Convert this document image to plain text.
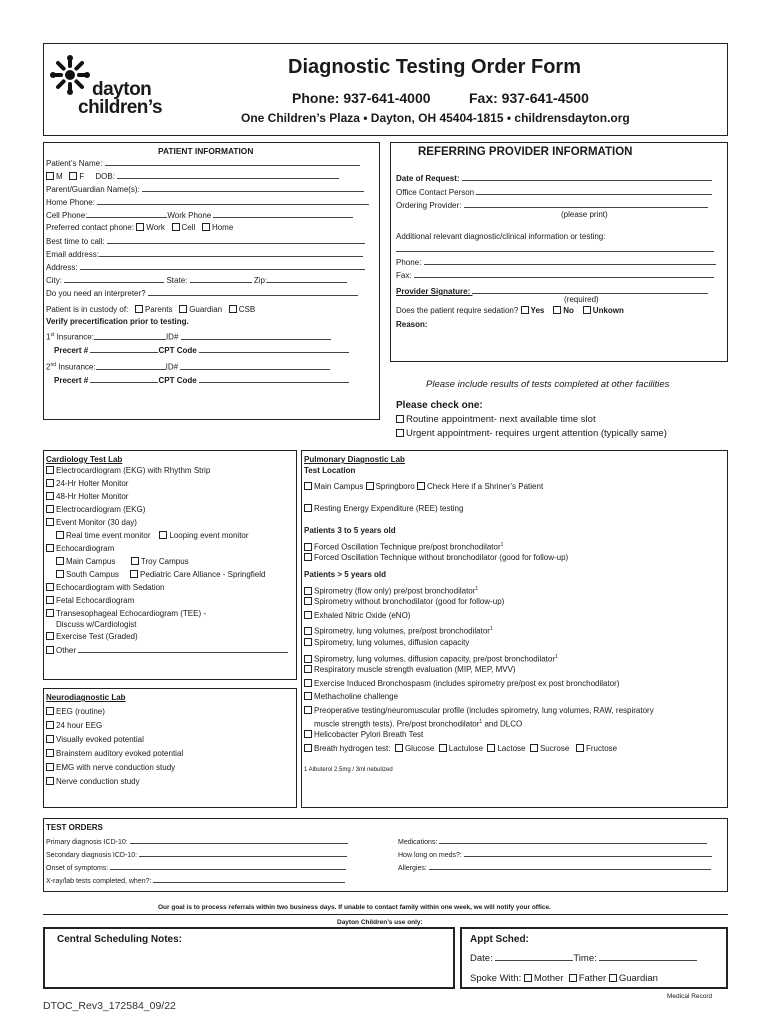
dayton
children’s
Diagnostic Testing Order Form
Phone: 937-641-4000	Fax: 937-641-4500
One Children’s Plaza • Dayton, OH 45404-1815 • childrensdayton.org
PATIENT INFORMATION
Patient’s Name:
M F DOB:
Parent/Guardian Name(s):
Home Phone:
Cell Phone:	Work Phone
Preferred contact phone: Work Cell Home
Best time to call:
Email address:
Address:
City:	State:	Zip:
Do you need an interpreter?
Patient is in custody of: Parents Guardian CSB
Verify precertification prior to testing.
1st Insurance:	ID#
Precert #	CPT Code
2nd Insurance:	ID#
Precert #	CPT Code
REFERRING PROVIDER INFORMATION
Date of Request:
Office Contact Person
Ordering Provider:
(please print)
Additional relevant diagnostic/clinical information or testing:
Phone:
Fax:
Provider Signature:
(required)
Does the patient require sedation? Yes No Unkown
Reason:
Please include results of tests completed at other facilities
Please check one:
Routine appointment- next available time slot
Urgent appointment- requires urgent attention (typically same)
Cardiology Test Lab
Electrocardiogram (EKG) with Rhythm Strip
24-Hr Holter Monitor
48-Hr Holter Monitor
Electrocardiogram (EKG)
Event Monitor (30 day)
Real time event monitor Looping event monitor
Echocardiogram
Main Campus	Troy Campus
South Campus	Pediatric Care Alliance - Springfield
Echocardiogram with Sedation
Fetal Echocardiogram
Transesophageal Echocardiogram (TEE) -
Discuss w/Cardiologist
Exercise Test (Graded)
Other
Neurodiagnostic Lab
EEG (routine)
24 hour EEG
Visually evoked potential
Brainstem auditory evoked potential
EMG with nerve conduction study
Nerve conduction study
Pulmonary Diagnostic Lab
Test Location
Main Campus Springboro Check Here if a Shriner’s Patient
Resting Energy Expenditure (REE) testing
Patients 3 to 5 years old
Forced Oscillation Technique pre/post bronchodilator$^1$
Forced Oscillation Technique without bronchodilator (good for follow-up)
Patients > 5 years old
Spirometry (flow only) pre/post bronchodilator$^1$
Spirometry without bronchodilator (good for follow-up)
Exhaled Nitric Oxide (eNO)
Spirometry, lung volumes, pre/post bronchodilator$^1$
Spirometry, lung volumes, diffusion capacity
Spirometry, lung volumes, diffusion capacity, pre/post bronchodilator$^1$
Respiratory muscle strength evaluation (MIP, MEP, MVV)
Exercise Induced Bronchospasm (includes spirometry pre/post ex post bronchodilator)
Methacholine challenge
Preoperative testing/neuromuscular profile (includes spirometry, lung volumes, RAW, respiratory
muscle strength tests). Pre/post bronchodilator$^1$ and DLCO
Helicobacter Pylori Breath Test
Breath hydrogen test: Glucose Lactulose Lactose Sucrose Fructose
1 Albuterol 2.5mg / 3ml nebulized
TEST ORDERS
Primary diagnosis ICD-10:
Secondary diagnosis ICD-10:
Onset of symptoms:
X-ray/lab tests completed, when?:
Medications:
How long on meds?:
Allergies:
Our goal is to process referrals within two business days. If unable to contact family within one week, we will notify your office.
Dayton Children’s use only:
Central Scheduling Notes:	Appt Sched:
Date:	Time:
Spoke With: Mother Father Guardian
Medical Record
DTOC_Rev3_172584_09/22
